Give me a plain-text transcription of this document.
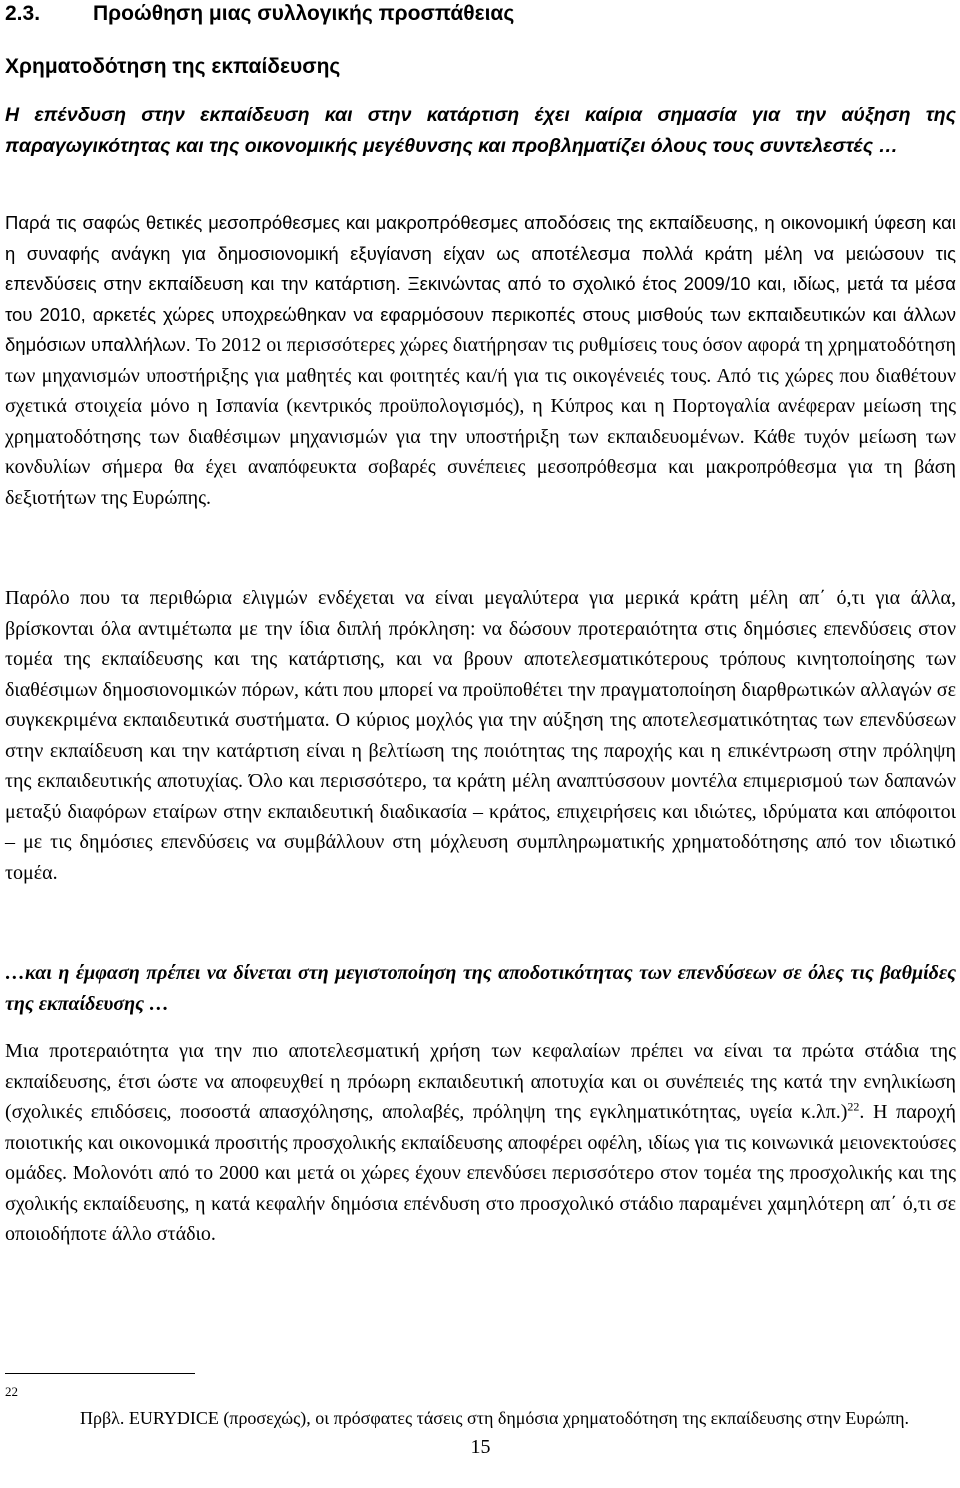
2.3.	Προώθηση μιας συλλογικής προσπάθειας
Χρηματοδότηση της εκπαίδευσης
Η επένδυση στην εκπαίδευση και στην κατάρτιση έχει καίρια σημασία για την αύξηση της παραγωγικότητας και της οικονομικής μεγέθυνσης και προβληματίζει όλους τους συντελεστές …
Παρά τις σαφώς θετικές μεσοπρόθεσμες και μακροπρόθεσμες αποδόσεις της εκπαίδευσης, η οικονομική ύφεση και η συναφής ανάγκη για δημοσιονομική εξυγίανση είχαν ως αποτέλεσμα πολλά κράτη μέλη να μειώσουν τις επενδύσεις στην εκπαίδευση και την κατάρτιση. Ξεκινώντας από το σχολικό έτος 2009/10 και, ιδίως, μετά τα μέσα του 2010, αρκετές χώρες υποχρεώθηκαν να εφαρμόσουν περικοπές στους μισθούς των εκπαιδευτικών και άλλων δημόσιων υπαλλήλων. Το 2012 οι περισσότερες χώρες διατήρησαν τις ρυθμίσεις τους όσον αφορά τη χρηματοδότηση των μηχανισμών υποστήριξης για μαθητές και φοιτητές και/ή για τις οικογένειές τους. Από τις χώρες που διαθέτουν σχετικά στοιχεία μόνο η Ισπανία (κεντρικός προϋπολογισμός), η Κύπρος και η Πορτογαλία ανέφεραν μείωση της χρηματοδότησης των διαθέσιμων μηχανισμών για την υποστήριξη των εκπαιδευομένων. Κάθε τυχόν μείωση των κονδυλίων σήμερα θα έχει αναπόφευκτα σοβαρές συνέπειες μεσοπρόθεσμα και μακροπρόθεσμα για τη βάση δεξιοτήτων της Ευρώπης.
Παρόλο που τα περιθώρια ελιγμών ενδέχεται να είναι μεγαλύτερα για μερικά κράτη μέλη απ΄ ό,τι για άλλα, βρίσκονται όλα αντιμέτωπα με την ίδια διπλή πρόκληση: να δώσουν προτεραιότητα στις δημόσιες επενδύσεις στον τομέα της εκπαίδευσης και της κατάρτισης, και να βρουν αποτελεσματικότερους τρόπους κινητοποίησης των διαθέσιμων δημοσιονομικών πόρων, κάτι που μπορεί να προϋποθέτει την πραγματοποίηση διαρθρωτικών αλλαγών σε συγκεκριμένα εκπαιδευτικά συστήματα. Ο κύριος μοχλός για την αύξηση της αποτελεσματικότητας των επενδύσεων στην εκπαίδευση και την κατάρτιση είναι η βελτίωση της ποιότητας της παροχής και η επικέντρωση στην πρόληψη της εκπαιδευτικής αποτυχίας. Όλο και περισσότερο, τα κράτη μέλη αναπτύσσουν μοντέλα επιμερισμού των δαπανών μεταξύ διαφόρων εταίρων στην εκπαιδευτική διαδικασία – κράτος, επιχειρήσεις και ιδιώτες, ιδρύματα και απόφοιτοι – με τις δημόσιες επενδύσεις να συμβάλλουν στη μόχλευση συμπληρωματικής χρηματοδότησης από τον ιδιωτικό τομέα.
…και η έμφαση πρέπει να δίνεται στη μεγιστοποίηση της αποδοτικότητας των επενδύσεων σε όλες τις βαθμίδες της εκπαίδευσης …
Μια προτεραιότητα για την πιο αποτελεσματική χρήση των κεφαλαίων πρέπει να είναι τα πρώτα στάδια της εκπαίδευσης, έτσι ώστε να αποφευχθεί η πρόωρη εκπαιδευτική αποτυχία και οι συνέπειές της κατά την ενηλικίωση (σχολικές επιδόσεις, ποσοστά απασχόλησης, απολαβές, πρόληψη της εγκληματικότητας, υγεία κ.λπ.)$^{22}$. Η παροχή ποιοτικής και οικονομικά προσιτής προσχολικής εκπαίδευσης αποφέρει οφέλη, ιδίως για τις κοινωνικά μειονεκτούσες ομάδες. Μολονότι από το 2000 και μετά οι χώρες έχουν επενδύσει περισσότερο στον τομέα της προσχολικής και της σχολικής εκπαίδευσης, η κατά κεφαλήν δημόσια επένδυση στο προσχολικό στάδιο παραμένει χαμηλότερη απ΄ ό,τι σε οποιοδήποτε άλλο στάδιο.
22
Πρβλ. EURYDICE (προσεχώς), οι πρόσφατες τάσεις στη δημόσια χρηματοδότηση της εκπαίδευσης στην Ευρώπη.
15
